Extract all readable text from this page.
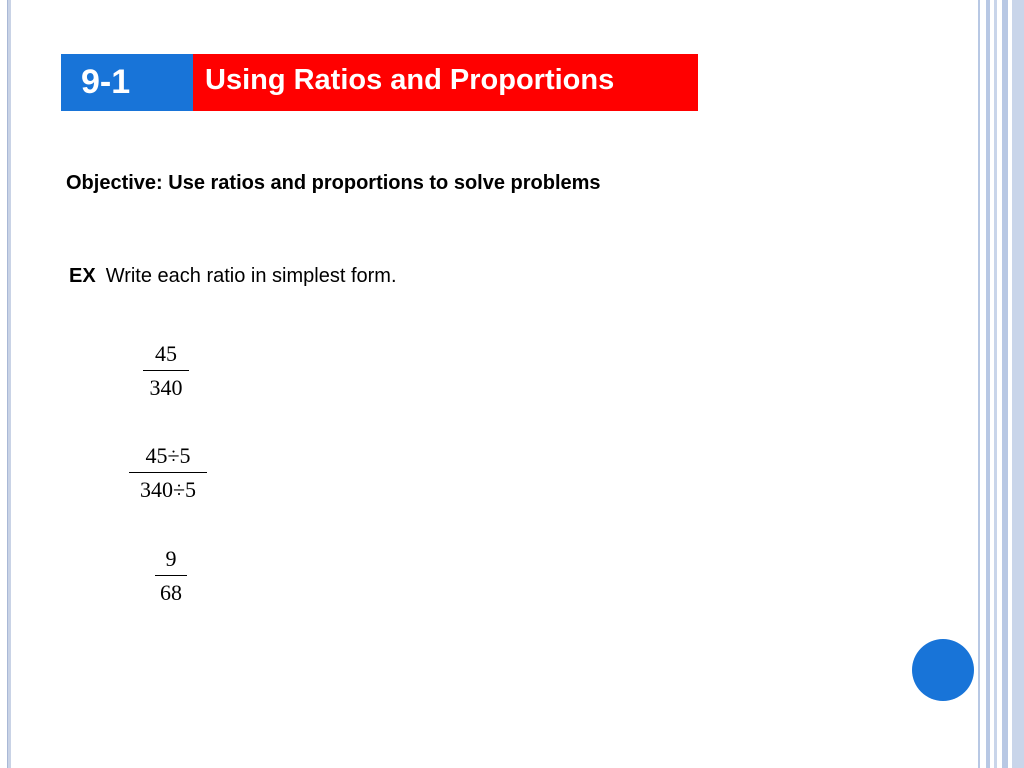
9-1	Using Ratios and Proportions
Objective: Use ratios and proportions to solve problems
EX Write each ratio in simplest form.
45
340
45÷5
340÷5
9
68
